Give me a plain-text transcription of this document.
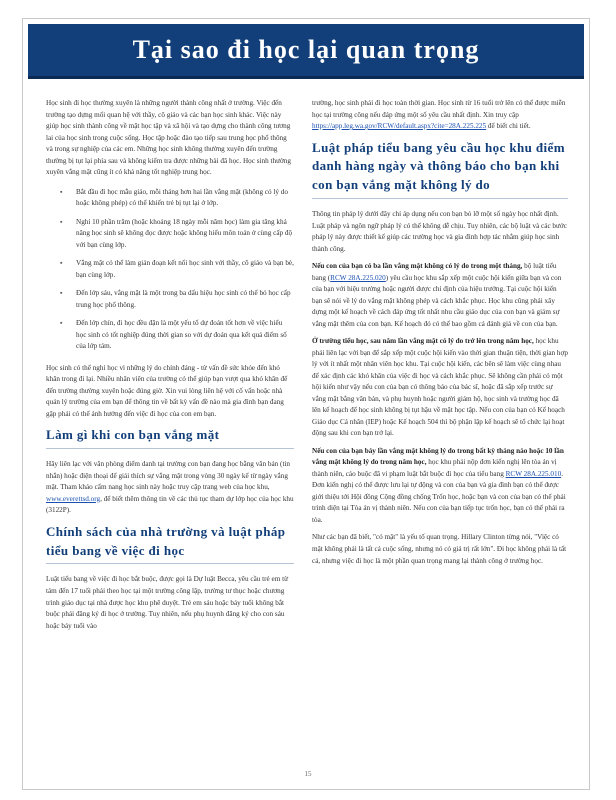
Tại sao đi học lại quan trọng

Học sinh đi học thường xuyên là những người thành công nhất ở trường. Việc đến trường tạo dựng mối quan hệ với thầy, cô giáo và các bạn học sinh khác. Việc này giúp học sinh thành công về mặt học tập và xã hội và tạo dựng cho thành công tương lai của học sinh trong cuộc sống. Học tập hoặc đào tạo tiếp sau trung học phổ thông và trong sự nghiệp của các em. Những học sinh không thường xuyên đến trường thường bị tụt lại phía sau và không kiểm tra được những bài đã học. Học sinh thường xuyên vắng mặt cũng ít có khả năng tốt nghiệp trung học.

▪ Bắt đầu đi học mẫu giáo, mỗi tháng hơn hai lần vắng mặt (không có lý do hoặc không phép) có thể khiến trẻ bị tụt lại ở lớp.
▪ Nghỉ 10 phần trăm (hoặc khoảng 18 ngày mỗi năm học) làm gia tăng khả năng học sinh sẽ không đọc được hoặc không hiểu môn toán ở cùng cấp độ với bạn cùng lớp.
▪ Vắng mặt có thể làm gián đoạn kết nối học sinh với thầy, cô giáo và bạn bè, bạn cùng lớp.
▪ Đến lớp sáu, vắng mặt là một trong ba dấu hiệu học sinh có thể bỏ học cấp trung học phổ thông.
▪ Đến lớp chín, đi học đều đặn là một yếu tố dự đoán tốt hơn về việc hiểu học sinh có tốt nghiệp đúng thời gian so với dự đoán qua kết quả điểm số của lớp tám.

Học sinh có thể nghỉ học vì những lý do chính đáng - từ vấn đề sức khỏe đến khó khăn trong đi lại. Nhiều nhân viên của trường có thể giúp bạn vượt qua khó khăn để đến trường thường xuyên hoặc đúng giờ. Xin vui lòng liên hệ với cố vấn hoặc nhà quản lý trường của em bạn để thông tin về bất kỳ vấn đề nào mà gia đình bạn đang gặp phải có thể ảnh hưởng đến việc đi học của con em bạn.

Làm gì khi con bạn vắng mặt

Hãy liên lạc với văn phòng điểm danh tại trường con bạn đang học bằng văn bản (tin nhắn) hoặc điện thoại để giải thích sự vắng mặt trong vòng 30 ngày kể từ ngày vắng mặt. Tham khảo cẩm nang học sinh này hoặc truy cập trang web của học khu, www.everettsd.org, để biết thêm thông tin về các thủ tục tham dự lớp học của học khu (3122P).

Chính sách của nhà trường và luật pháp tiểu bang về việc đi học

Luật tiểu bang về việc đi học bắt buộc, được gọi là Dự luật Becca, yêu cầu trẻ em từ tám đến 17 tuổi phải theo học tại một trường công lập, trường tư thục hoặc chương trình giáo dục tại nhà được học khu phê duyệt. Trẻ em sáu hoặc bảy tuổi không bắt buộc phải đăng ký đi học ở trường. Tuy nhiên, nếu phụ huynh đăng ký cho con sáu hoặc bảy tuổi vào

trường, học sinh phải đi học toàn thời gian. Học sinh từ 16 tuổi trở lên có thể được miễn học tại trường công nếu đáp ứng một số yêu cầu nhất định. Xin truy cập https://app.leg.wa.gov/RCW/default.aspx?cite=28A.225.225 để biết chi tiết.

Luật pháp tiểu bang yêu cầu học khu điểm danh hàng ngày và thông báo cho bạn khi con bạn vắng mặt không lý do

Thông tin pháp lý dưới đây chỉ áp dụng nếu con bạn bỏ lỡ một số ngày học nhất định. Luật pháp và ngôn ngữ pháp lý có thể không dễ chịu. Tuy nhiên, các bộ luật và các bước pháp lý này được thiết kế giúp các trường học và gia đình hợp tác nhằm giúp học sinh thành công.

Nếu con của bạn có ba lần vắng mặt không có lý do trong một tháng, bộ luật tiểu bang (RCW 28A.225.020) yêu cầu học khu sắp xếp một cuộc hội kiến giữa bạn và con của bạn với hiệu trưởng hoặc người được chỉ định của hiệu trưởng. Tại cuộc hội kiến bạn sẽ nói về lý do vắng mặt không phép và cách khắc phục. Học khu cũng phải xây dựng một kế hoạch về cách đáp ứng tốt nhất nhu cầu giáo dục của con bạn và giảm sự vắng mặt thêm của con bạn. Kế hoạch đó có thể bao gồm cả đánh giá về con của bạn.

Ở trường tiểu học, sau năm lần vắng mặt có lý do trở lên trong năm học, học khu phải liên lạc với bạn để sắp xếp một cuộc hội kiến vào thời gian thuận tiện, thời gian hợp lý với ít nhất một nhân viên học khu. Tại cuộc hội kiến, các bên sẽ làm việc cùng nhau để xác định các khó khăn của việc đi học và cách khắc phục. Sẽ không cần phải có một hội kiến như vậy nếu con của bạn có thông báo của bác sĩ, hoặc đã sắp xếp trước sự vắng mặt bằng văn bản, và phụ huynh hoặc người giám hộ, học sinh và trường học đã lên kế hoạch để học sinh không bị tụt hậu về mặt học tập. Nếu con của bạn có Kế hoạch Giáo dục Cá nhân (IEP) hoặc Kế hoạch 504 thì bộ phận lập kế hoạch sẽ tổ chức lại hoạt động sau khi con bạn trở lại.

Nếu con của bạn bảy lần vắng mặt không lý do trong bất kỳ tháng nào hoặc 10 lần vắng mặt không lý do trong năm học, học khu phải nộp đơn kiến nghị lên tòa án vị thành niên, cáo buộc đã vi phạm luật bắt buộc đi học của tiểu bang RCW 28A.225.010. Đơn kiến nghị có thể được lưu lại tự động và con của bạn và gia đình bạn có thể được giới thiệu tới Hội đồng Cộng đồng chống Trốn học, hoặc bạn và con của bạn có thể phải trình diện tại Tòa án vị thành niên. Nếu con của bạn tiếp tục trốn học, bạn có thể phải ra tòa.

Như các bạn đã biết, "có mặt" là yếu tố quan trọng. Hillary Clinton từng nói, "Việc có mặt không phải là tất cả cuộc sống, nhưng nó có giá trị rất lớn". Đi học không phải là tất cả, nhưng việc đi học là một phần quan trọng mang lại thành công ở trường học.

15
